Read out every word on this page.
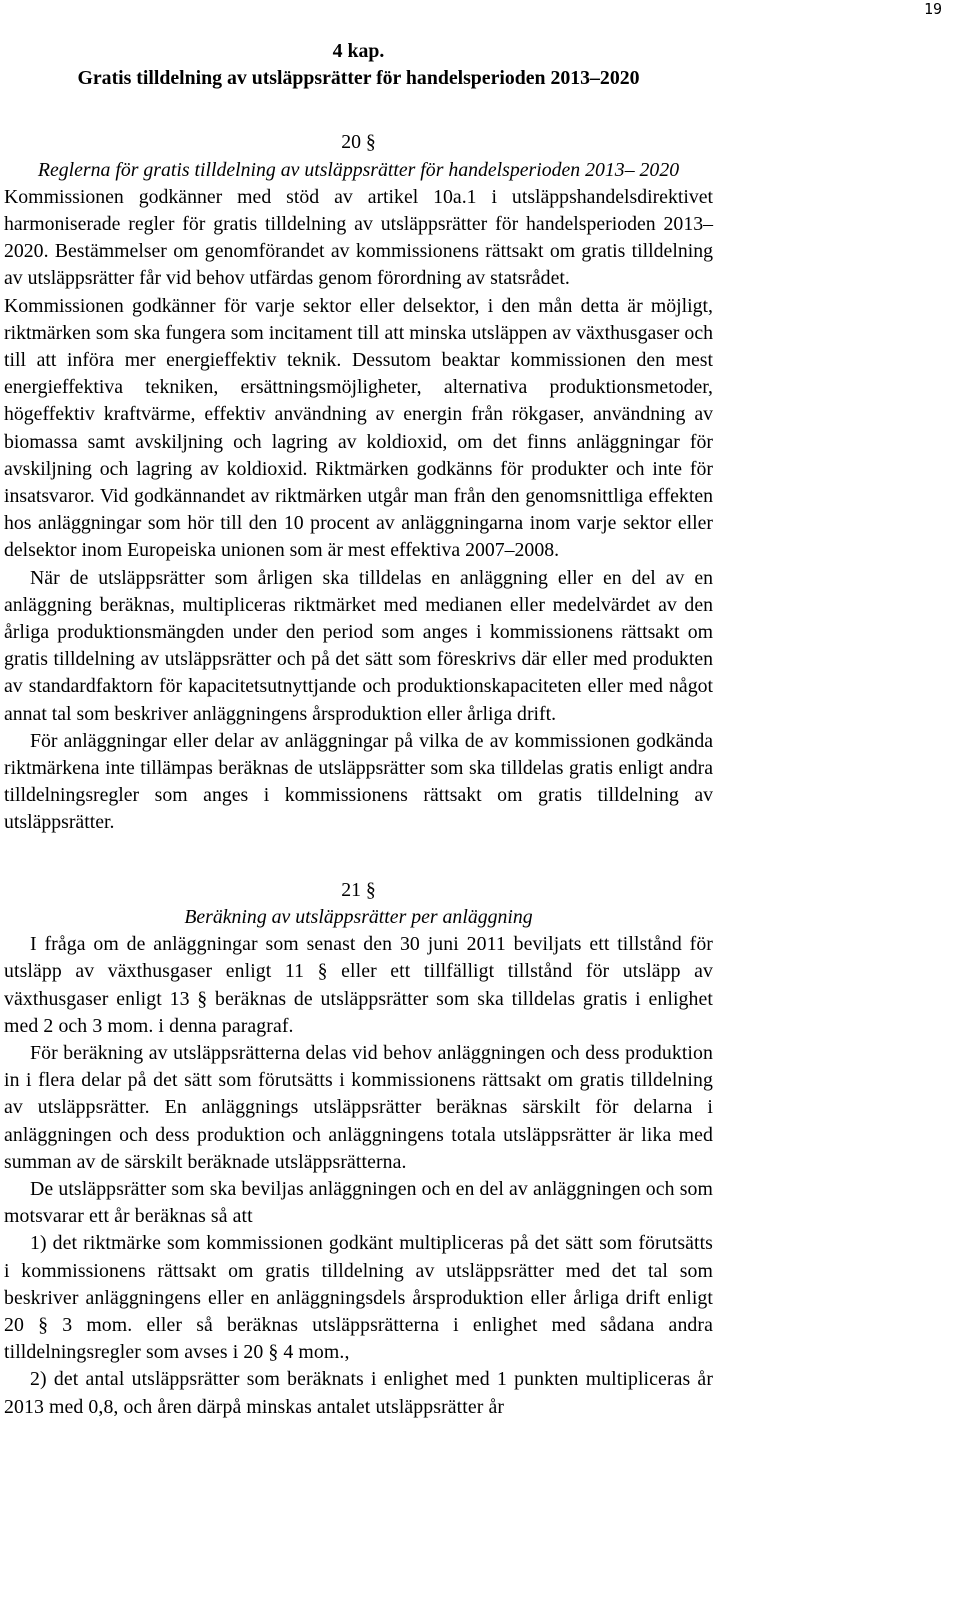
19

4 kap.

Gratis tilldelning av utsläppsrätter för handelsperioden 2013–2020

20 §

Reglerna för gratis tilldelning av utsläppsrätter för handelsperioden 2013– 2020

Kommissionen godkänner med stöd av artikel 10a.1 i utsläppshandelsdirektivet harmoniserade regler för gratis tilldelning av utsläppsrätter för handelsperioden 2013–2020. Bestämmelser om genomförandet av kommissionens rättsakt om gratis tilldelning av utsläppsrätter får vid behov utfärdas genom förordning av statsrådet.

Kommissionen godkänner för varje sektor eller delsektor, i den mån detta är möjligt, riktmärken som ska fungera som incitament till att minska utsläppen av växthusgaser och till att införa mer energieffektiv teknik. Dessutom beaktar kommissionen den mest energieffektiva tekniken, ersättningsmöjligheter, alternativa produktionsmetoder, högeffektiv kraftvärme, effektiv användning av energin från rökgaser, användning av biomassa samt avskiljning och lagring av koldioxid, om det finns anläggningar för avskiljning och lagring av koldioxid. Riktmärken godkänns för produkter och inte för insatsvaror. Vid godkännandet av riktmärken utgår man från den genomsnittliga effekten hos anläggningar som hör till den 10 procent av anläggningarna inom varje sektor eller delsektor inom Europeiska unionen som är mest effektiva 2007–2008.

När de utsläppsrätter som årligen ska tilldelas en anläggning eller en del av en anläggning beräknas, multipliceras riktmärket med medianen eller medelvärdet av den årliga produktionsmängden under den period som anges i kommissionens rättsakt om gratis tilldelning av utsläppsrätter och på det sätt som föreskrivs där eller med produkten av standardfaktorn för kapacitetsutnyttjande och produktionskapaciteten eller med något annat tal som beskriver anläggningens årsproduktion eller årliga drift.

För anläggningar eller delar av anläggningar på vilka de av kommissionen godkända riktmärkena inte tillämpas beräknas de utsläppsrätter som ska tilldelas gratis enligt andra tilldelningsregler som anges i kommissionens rättsakt om gratis tilldelning av utsläppsrätter.

21 §

Beräkning av utsläppsrätter per anläggning

I fråga om de anläggningar som senast den 30 juni 2011 beviljats ett tillstånd för utsläpp av växthusgaser enligt 11 § eller ett tillfälligt tillstånd för utsläpp av växthusgaser enligt 13 § beräknas de utsläppsrätter som ska tilldelas gratis i enlighet med 2 och 3 mom. i denna paragraf.

För beräkning av utsläppsrätterna delas vid behov anläggningen och dess produktion in i flera delar på det sätt som förutsätts i kommissionens rättsakt om gratis tilldelning av utsläppsrätter. En anläggnings utsläppsrätter beräknas särskilt för delarna i anläggningen och dess produktion och anläggningens totala utsläppsrätter är lika med summan av de särskilt beräknade utsläppsrätterna.

De utsläppsrätter som ska beviljas anläggningen och en del av anläggningen och som motsvarar ett år beräknas så att

1) det riktmärke som kommissionen godkänt multipliceras på det sätt som förutsätts i kommissionens rättsakt om gratis tilldelning av utsläppsrätter med det tal som beskriver anläggningens eller en anläggningsdels årsproduktion eller årliga drift enligt 20 § 3 mom. eller så beräknas utsläppsrätterna i enlighet med sådana andra tilldelningsregler som avses i 20 § 4 mom.,

2) det antal utsläppsrätter som beräknats i enlighet med 1 punkten multipliceras år 2013 med 0,8, och åren därpå minskas antalet utsläppsrätter år
